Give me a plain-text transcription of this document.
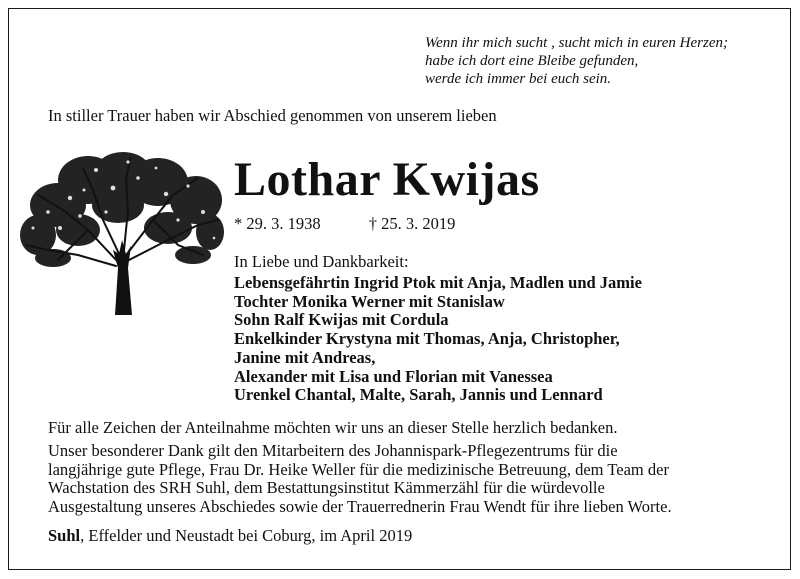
Wenn ihr mich sucht , sucht mich in euren Herzen;
habe ich dort eine Bleibe gefunden,
werde ich immer bei euch sein.
In stiller Trauer haben wir Abschied genommen von unserem lieben
Lothar Kwijas
* 29. 3. 1938	† 25. 3. 2019
In Liebe und Dankbarkeit:
Lebensgefährtin Ingrid Ptok mit Anja, Madlen und Jamie
Tochter Monika Werner mit Stanislaw
Sohn Ralf Kwijas mit Cordula
Enkelkinder Krystyna mit Thomas, Anja, Christopher,
Janine mit Andreas,
Alexander mit Lisa und Florian mit Vanessea
Urenkel Chantal, Malte, Sarah, Jannis und Lennard
Für alle Zeichen der Anteilnahme möchten wir uns an dieser Stelle herzlich bedanken.
Unser besonderer Dank gilt den Mitarbeitern des Johannispark-Pflegezentrums für die
langjährige gute Pflege, Frau Dr. Heike Weller für die medizinische Betreuung, dem Team der
Wachstation des SRH Suhl, dem Bestattungsinstitut Kämmerzähl für die würdevolle
Ausgestaltung unseres Abschiedes sowie der Trauerrednerin Frau Wendt für ihre lieben Worte.
Suhl, Effelder und Neustadt bei Coburg, im April 2019
